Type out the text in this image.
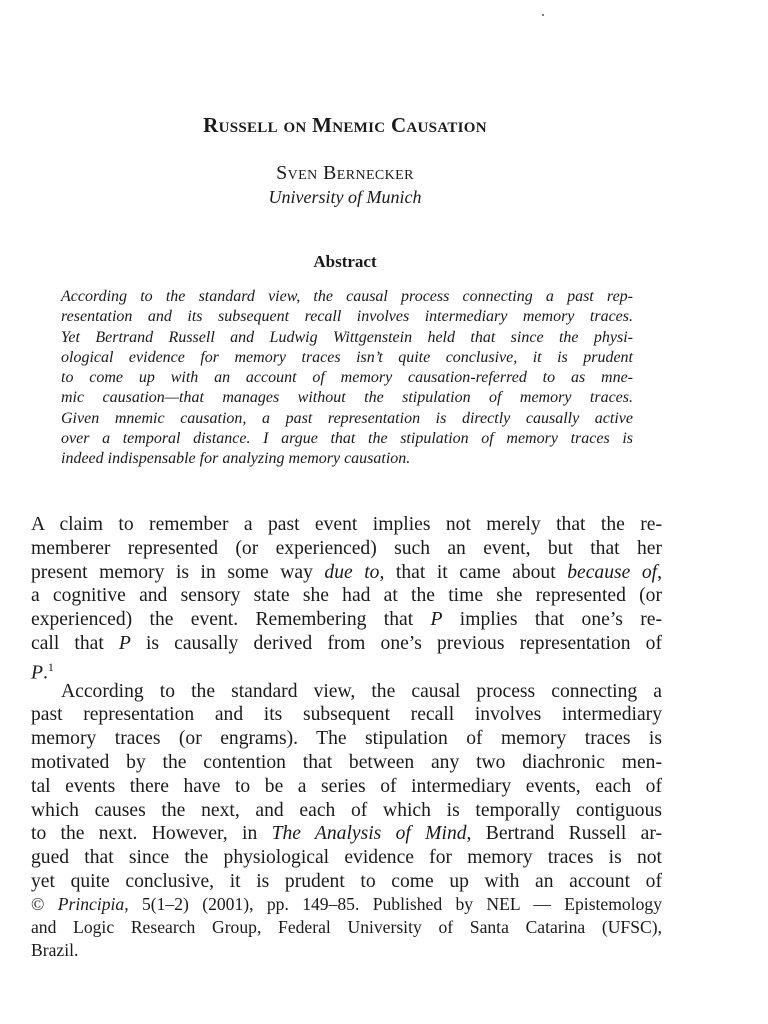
Russell on Mnemic Causation
Sven Bernecker
University of Munich
Abstract
According to the standard view, the causal process connecting a past rep-
resentation and its subsequent recall involves intermediary memory traces.
Yet Bertrand Russell and Ludwig Wittgenstein held that since the physi-
ological evidence for memory traces isn’t quite conclusive, it is prudent
to come up with an account of memory causation-referred to as mne-
mic causation—that manages without the stipulation of memory traces.
Given mnemic causation, a past representation is directly causally active
over a temporal distance. I argue that the stipulation of memory traces is
indeed indispensable for analyzing memory causation.
A claim to remember a past event implies not merely that the re-
memberer represented (or experienced) such an event, but that her
present memory is in some way due to, that it came about because of,
a cognitive and sensory state she had at the time she represented (or
experienced) the event. Remembering that P implies that one’s re-
call that P is causally derived from one’s previous representation of
P.$^1$
According to the standard view, the causal process connecting a
past representation and its subsequent recall involves intermediary
memory traces (or engrams). The stipulation of memory traces is
motivated by the contention that between any two diachronic men-
tal events there have to be a series of intermediary events, each of
which causes the next, and each of which is temporally contiguous
to the next. However, in The Analysis of Mind, Bertrand Russell ar-
gued that since the physiological evidence for memory traces is not
yet quite conclusive, it is prudent to come up with an account of
© Principia, 5(1–2) (2001), pp. 149–85. Published by NEL — Epistemology
and Logic Research Group, Federal University of Santa Catarina (UFSC),
Brazil.
